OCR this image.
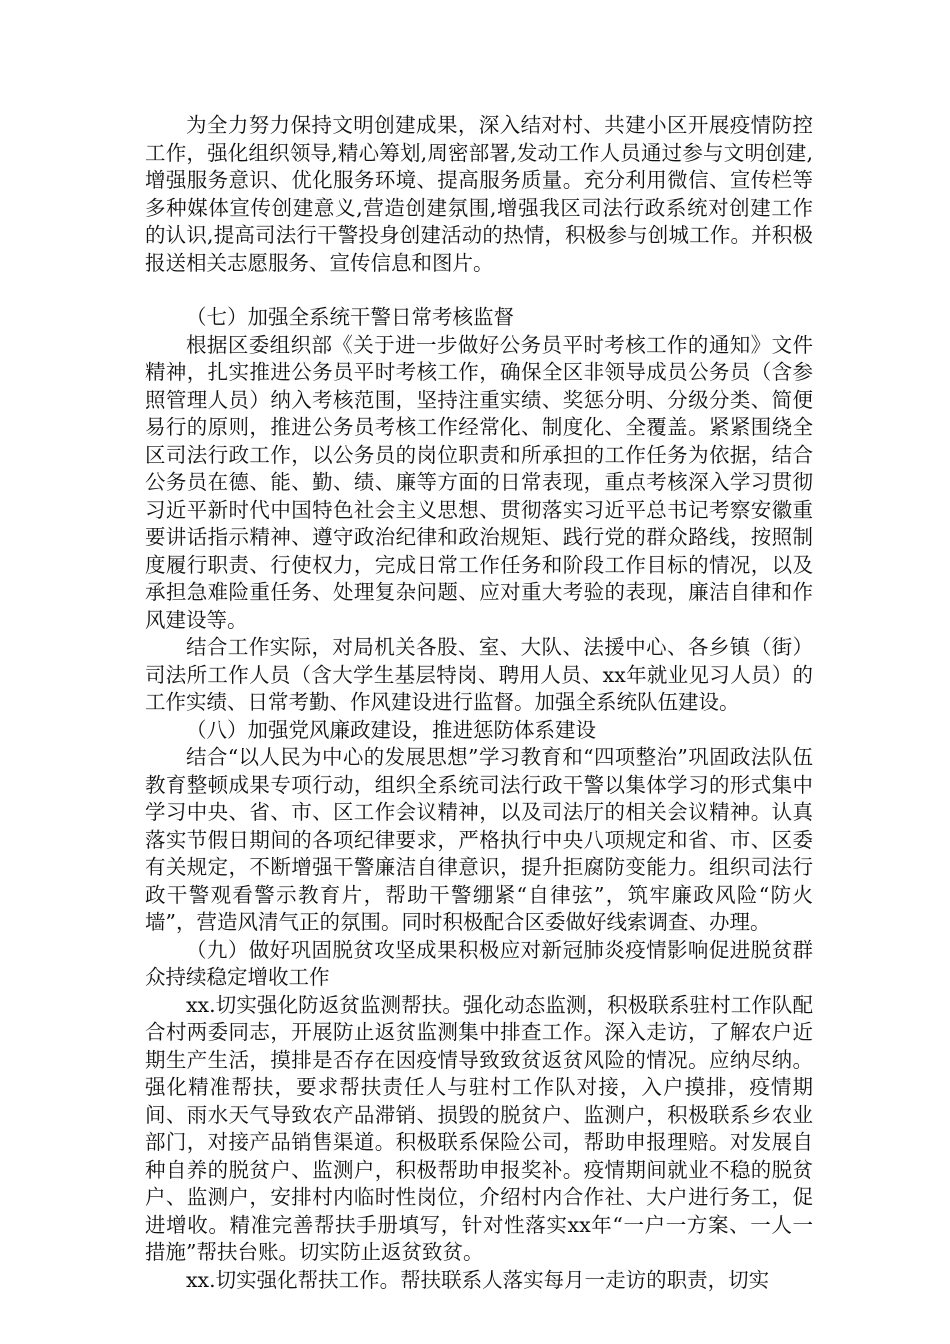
为全力努力保持文明创建成果，深入结对村、共建小区开展疫情防控工作，强化组织领导,精心筹划,周密部署,发动工作人员通过参与文明创建,增强服务意识、优化服务环境、提高服务质量。充分利用微信、宣传栏等多种媒体宣传创建意义,营造创建氛围,增强我区司法行政系统对创建工作的认识,提高司法行干警投身创建活动的热情，积极参与创城工作。并积极报送相关志愿服务、宣传信息和图片。

（七）加强全系统干警日常考核监督

根据区委组织部《关于进一步做好公务员平时考核工作的通知》文件精神，扎实推进公务员平时考核工作，确保全区非领导成员公务员（含参照管理人员）纳入考核范围，坚持注重实绩、奖惩分明、分级分类、简便易行的原则，推进公务员考核工作经常化、制度化、全覆盖。紧紧围绕全区司法行政工作，以公务员的岗位职责和所承担的工作任务为依据，结合公务员在德、能、勤、绩、廉等方面的日常表现，重点考核深入学习贯彻习近平新时代中国特色社会主义思想、贯彻落实习近平总书记考察安徽重要讲话指示精神、遵守政治纪律和政治规矩、践行党的群众路线，按照制度履行职责、行使权力，完成日常工作任务和阶段工作目标的情况，以及承担急难险重任务、处理复杂问题、应对重大考验的表现，廉洁自律和作风建设等。

结合工作实际，对局机关各股、室、大队、法援中心、各乡镇（街）司法所工作人员（含大学生基层特岗、聘用人员、xx年就业见习人员）的工作实绩、日常考勤、作风建设进行监督。加强全系统队伍建设。

（八）加强党风廉政建设，推进惩防体系建设

结合“以人民为中心的发展思想”学习教育和“四项整治”巩固政法队伍教育整顿成果专项行动，组织全系统司法行政干警以集体学习的形式集中学习中央、省、市、区工作会议精神，以及司法厅的相关会议精神。认真落实节假日期间的各项纪律要求，严格执行中央八项规定和省、市、区委有关规定，不断增强干警廉洁自律意识，提升拒腐防变能力。组织司法行政干警观看警示教育片，帮助干警绷紧“自律弦”，筑牢廉政风险“防火墙”，营造风清气正的氛围。同时积极配合区委做好线索调查、办理。

（九）做好巩固脱贫攻坚成果积极应对新冠肺炎疫情影响促进脱贫群众持续稳定增收工作

xx.切实强化防返贫监测帮扶。强化动态监测，积极联系驻村工作队配合村两委同志，开展防止返贫监测集中排查工作。深入走访，了解农户近期生产生活，摸排是否存在因疫情导致致贫返贫风险的情况。应纳尽纳。强化精准帮扶，要求帮扶责任人与驻村工作队对接，入户摸排，疫情期间、雨水天气导致农产品滞销、损毁的脱贫户、监测户，积极联系乡农业部门，对接产品销售渠道。积极联系保险公司，帮助申报理赔。对发展自种自养的脱贫户、监测户，积极帮助申报奖补。疫情期间就业不稳的脱贫户、监测户，安排村内临时性岗位，介绍村内合作社、大户进行务工，促进增收。精准完善帮扶手册填写，针对性落实xx年“一户一方案、一人一措施”帮扶台账。切实防止返贫致贫。

xx.切实强化帮扶工作。帮扶联系人落实每月一走访的职责，切实
